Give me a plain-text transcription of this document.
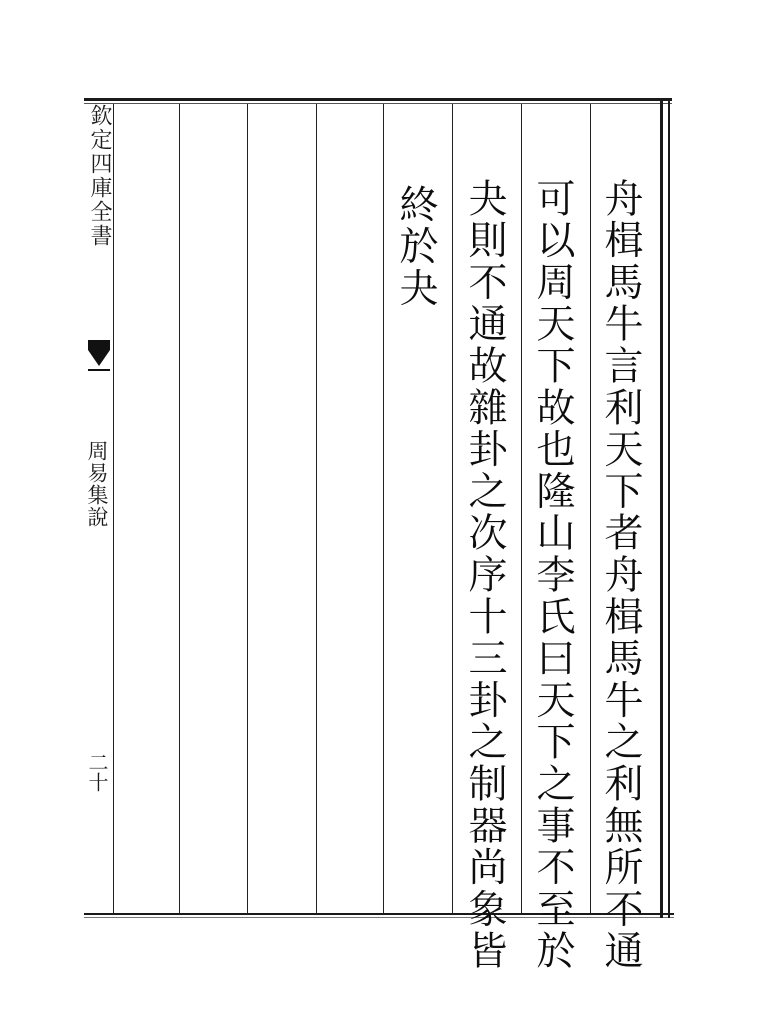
欽定四庫全書
周易集說
二十	舟楫馬牛言利天下者舟楫馬牛之利無所不通
可以周天下故也隆山李氏曰天下之事不至於
夬則不通故雜卦之次序十三卦之制器尚象皆
終於夬
